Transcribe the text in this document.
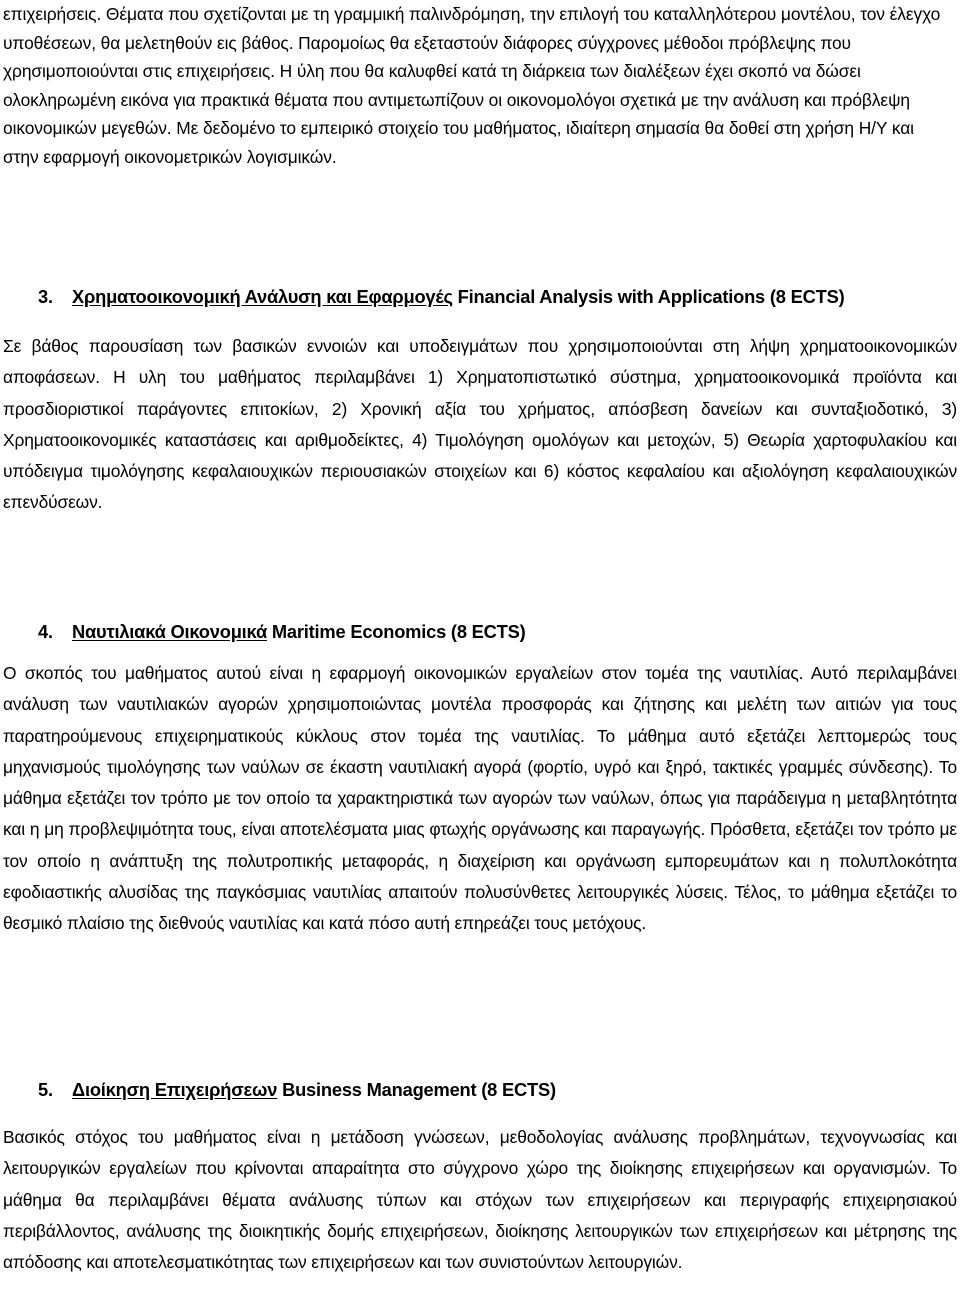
επιχειρήσεις. Θέματα που σχετίζονται με τη γραμμική παλινδρόμηση, την επιλογή του καταλληλότερου μοντέλου, τον έλεγχο υποθέσεων, θα μελετηθούν εις βάθος. Παρομοίως θα εξεταστούν διάφορες σύγχρονες μέθοδοι πρόβλεψης που χρησιμοποιούνται στις επιχειρήσεις. Η ύλη που θα καλυφθεί κατά τη διάρκεια των διαλέξεων έχει σκοπό να δώσει ολοκληρωμένη εικόνα για πρακτικά θέματα που αντιμετωπίζουν οι οικονομολόγοι σχετικά με την ανάλυση και πρόβλεψη οικονομικών μεγεθών. Με δεδομένο το εμπειρικό στοιχείο του μαθήματος, ιδιαίτερη σημασία θα δοθεί στη χρήση Η/Υ και στην εφαρμογή οικονομετρικών λογισμικών.

3. Χρηματοοικονομική Ανάλυση και Εφαρμογές Financial Analysis with Applications (8 ECTS)

Σε βάθος παρουσίαση των βασικών εννοιών και υποδειγμάτων που χρησιμοποιούνται στη λήψη χρηματοοικονομικών αποφάσεων. Η υλη του μαθήματος περιλαμβάνει 1) Χρηματοπιστωτικό σύστημα, χρηματοοικονομικά προϊόντα και προσδιοριστικοί παράγοντες επιτοκίων, 2) Χρονική αξία του χρήματος, απόσβεση δανείων και συνταξιοδοτικό, 3) Χρηματοοικονομικές καταστάσεις και αριθμοδείκτες, 4) Τιμολόγηση ομολόγων και μετοχών, 5) Θεωρία χαρτοφυλακίου και υπόδειγμα τιμολόγησης κεφαλαιουχικών περιουσιακών στοιχείων και 6) κόστος κεφαλαίου και αξιολόγηση κεφαλαιουχικών επενδύσεων.

4. Ναυτιλιακά Οικονομικά Maritime Economics (8 ECTS)

Ο σκοπός του μαθήματος αυτού είναι η εφαρμογή οικονομικών εργαλείων στον τομέα της ναυτιλίας. Αυτό περιλαμβάνει ανάλυση των ναυτιλιακών αγορών χρησιμοποιώντας μοντέλα προσφοράς και ζήτησης και μελέτη των αιτιών για τους παρατηρούμενους επιχειρηματικούς κύκλους στον τομέα της ναυτιλίας. Το μάθημα αυτό εξετάζει λεπτομερώς τους μηχανισμούς τιμολόγησης των ναύλων σε έκαστη ναυτιλιακή αγορά (φορτίο, υγρό και ξηρό, τακτικές γραμμές σύνδεσης). Το μάθημα εξετάζει τον τρόπο με τον οποίο τα χαρακτηριστικά των αγορών των ναύλων, όπως για παράδειγμα η μεταβλητότητα και η μη προβλεψιμότητα τους, είναι αποτελέσματα μιας φτωχής οργάνωσης και παραγωγής. Πρόσθετα, εξετάζει τον τρόπο με τον οποίο η ανάπτυξη της πολυτροπικής μεταφοράς, η διαχείριση και οργάνωση εμπορευμάτων και η πολυπλοκότητα εφοδιαστικής αλυσίδας της παγκόσμιας ναυτιλίας απαιτούν πολυσύνθετες λειτουργικές λύσεις. Τέλος, το μάθημα εξετάζει το θεσμικό πλαίσιο της διεθνούς ναυτιλίας και κατά πόσο αυτή επηρεάζει τους μετόχους.

5. Διοίκηση Επιχειρήσεων Business Management (8 ECTS)

Βασικός στόχος του μαθήματος είναι η μετάδοση γνώσεων, μεθοδολογίας ανάλυσης προβλημάτων, τεχνογνωσίας και λειτουργικών εργαλείων που κρίνονται απαραίτητα στο σύγχρονο χώρο της διοίκησης επιχειρήσεων και οργανισμών. Το μάθημα θα περιλαμβάνει θέματα ανάλυσης τύπων και στόχων των επιχειρήσεων και περιγραφής επιχειρησιακού περιβάλλοντος, ανάλυσης της διοικητικής δομής επιχειρήσεων, διοίκησης λειτουργικών των επιχειρήσεων και μέτρησης της απόδοσης και αποτελεσματικότητας των επιχειρήσεων και των συνιστούντων λειτουργιών.
